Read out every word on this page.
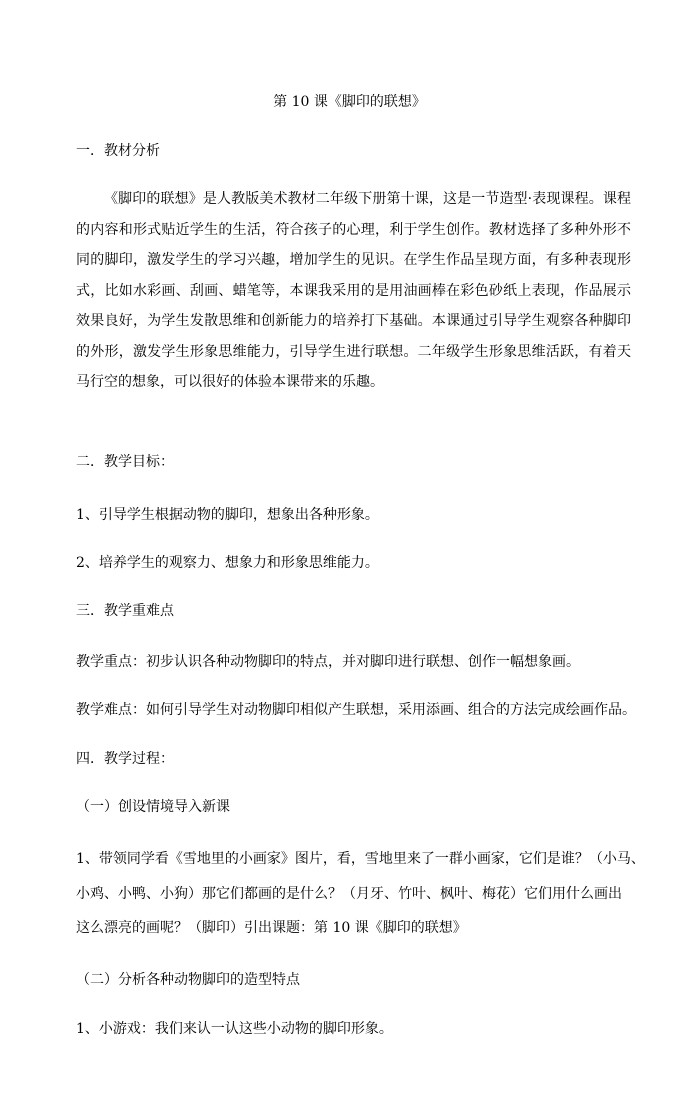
第 10 课《脚印的联想》
一．教材分析
《脚印的联想》是人教版美术教材二年级下册第十课，这是一节造型·表现课程。课程的内容和形式贴近学生的生活，符合孩子的心理，利于学生创作。教材选择了多种外形不同的脚印，激发学生的学习兴趣，增加学生的见识。在学生作品呈现方面，有多种表现形式，比如水彩画、刮画、蜡笔等，本课我采用的是用油画棒在彩色砂纸上表现，作品展示效果良好，为学生发散思维和创新能力的培养打下基础。本课通过引导学生观察各种脚印的外形，激发学生形象思维能力，引导学生进行联想。二年级学生形象思维活跃，有着天马行空的想象，可以很好的体验本课带来的乐趣。
二．教学目标：
1、引导学生根据动物的脚印，想象出各种形象。
2、培养学生的观察力、想象力和形象思维能力。
三．教学重难点
教学重点：初步认识各种动物脚印的特点，并对脚印进行联想、创作一幅想象画。
教学难点：如何引导学生对动物脚印相似产生联想，采用添画、组合的方法完成绘画作品。
四．教学过程：
（一）创设情境导入新课
1、带领同学看《雪地里的小画家》图片，看，雪地里来了一群小画家，它们是谁？（小马、
小鸡、小鸭、小狗）那它们都画的是什么？（月牙、竹叶、枫叶、梅花）它们用什么画出
这么漂亮的画呢？（脚印）引出课题：第 10 课《脚印的联想》
（二）分析各种动物脚印的造型特点
1、小游戏：我们来认一认这些小动物的脚印形象。
